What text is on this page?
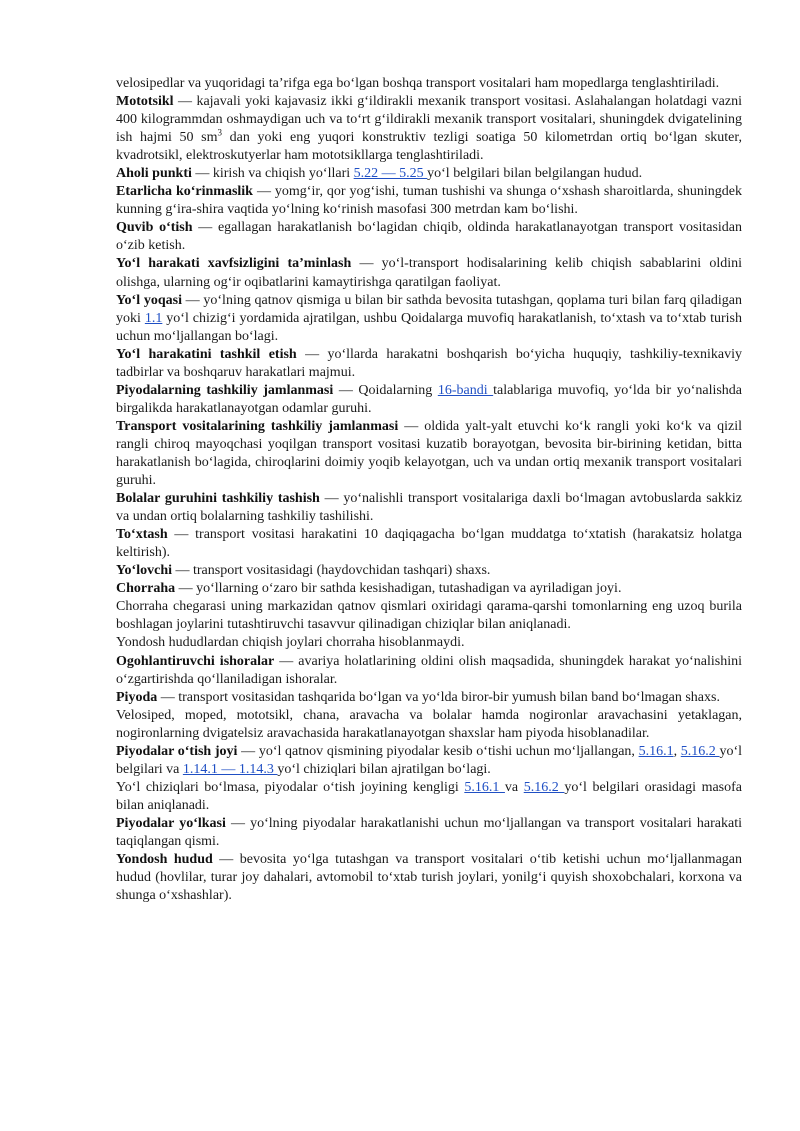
velosipedlar va yuqoridagi ta’rifga ega bo‘lgan boshqa transport vositalari ham mopedlarga tenglashtiriladi.

Mototsikl — kajavali yoki kajavasiz ikki g‘ildirakli mexanik transport vositasi. Aslahalangan holatdagi vazni 400 kilogrammdan oshmaydigan uch va to‘rt g‘ildirakli mexanik transport vositalari, shuningdek dvigatelining ish hajmi 50 $sm^3$ dan yoki eng yuqori konstruktiv tezligi soatiga 50 kilometrdan ortiq bo‘lgan skuter, kvadrotsikl, elektroskutyerlar ham mototsikllarga tenglashtiriladi.

Aholi punkti — kirish va chiqish yo‘llari 5.22 — 5.25 yo‘l belgilari bilan belgilangan hudud.

Etarlicha ko‘rinmaslik — yomg‘ir, qor yog‘ishi, tuman tushishi va shunga o‘xshash sharoitlarda, shuningdek kunning g‘ira-shira vaqtida yo‘lning ko‘rinish masofasi 300 metrdan kam bo‘lishi.

Quvib o‘tish — egallagan harakatlanish bo‘lagidan chiqib, oldinda harakatlanayotgan transport vositasidan o‘zib ketish.

Yo‘l harakati xavfsizligini ta’minlash — yo‘l-transport hodisalarining kelib chiqish sabablarini oldini olishga, ularning og‘ir oqibatlarini kamaytirishga qaratilgan faoliyat.

Yo‘l yoqasi — yo‘lning qatnov qismiga u bilan bir sathda bevosita tutashgan, qoplama turi bilan farq qiladigan yoki 1.1 yo‘l chizig‘i yordamida ajratilgan, ushbu Qoidalarga muvofiq harakatlanish, to‘xtash va to‘xtab turish uchun mo‘ljallangan bo‘lagi.

Yo‘l harakatini tashkil etish — yo‘llarda harakatni boshqarish bo‘yicha huquqiy, tashkiliy-texnikaviy tadbirlar va boshqaruv harakatlari majmui.

Piyodalarning tashkiliy jamlanmasi — Qoidalarning 16-bandi talablariga muvofiq, yo‘lda bir yo‘nalishda birgalikda harakatlanayotgan odamlar guruhi.

Transport vositalarining tashkiliy jamlanmasi — oldida yalt-yalt etuvchi ko‘k rangli yoki ko‘k va qizil rangli chiroq mayoqchasi yoqilgan transport vositasi kuzatib borayotgan, bevosita bir-birining ketidan, bitta harakatlanish bo‘lagida, chiroqlarini doimiy yoqib kelayotgan, uch va undan ortiq mexanik transport vositalari guruhi.

Bolalar guruhini tashkiliy tashish — yo‘nalishli transport vositalariga daxli bo‘lmagan avtobuslarda sakkiz va undan ortiq bolalarning tashkiliy tashilishi.

To‘xtash — transport vositasi harakatini 10 daqiqagacha bo‘lgan muddatga to‘xtatish (harakatsiz holatga keltirish).

Yo‘lovchi — transport vositasidagi (haydovchidan tashqari) shaxs.

Chorraha — yo‘llarning o‘zaro bir sathda kesishadigan, tutashadigan va ayriladigan joyi.

Chorraha chegarasi uning markazidan qatnov qismlari oxiridagi qarama-qarshi tomonlarning eng uzoq burila boshlagan joylarini tutashtiruvchi tasavvur qilinadigan chiziqlar bilan aniqlanadi.

Yondosh hududlardan chiqish joylari chorraha hisoblanmaydi.

Ogohlantiruvchi ishoralar — avariya holatlarining oldini olish maqsadida, shuningdek harakat yo‘nalishini o‘zgartirishda qo‘llaniladigan ishoralar.

Piyoda — transport vositasidan tashqarida bo‘lgan va yo‘lda biror-bir yumush bilan band bo‘lmagan shaxs.

Velosiped, moped, mototsikl, chana, aravacha va bolalar hamda nogironlar aravachasini yetaklagan, nogironlarning dvigatelsiz aravachasida harakatlanayotgan shaxslar ham piyoda hisoblanadilar.

Piyodalar o‘tish joyi — yo‘l qatnov qismining piyodalar kesib o‘tishi uchun mo‘ljallangan, 5.16.1, 5.16.2 yo‘l belgilari va 1.14.1 — 1.14.3 yo‘l chiziqlari bilan ajratilgan bo‘lagi.

Yo‘l chiziqlari bo‘lmasa, piyodalar o‘tish joyining kengligi 5.16.1 va 5.16.2 yo‘l belgilari orasidagi masofa bilan aniqlanadi.

Piyodalar yo‘lkasi — yo‘lning piyodalar harakatlanishi uchun mo‘ljallangan va transport vositalari harakati taqiqlangan qismi.

Yondosh hudud — bevosita yo‘lga tutashgan va transport vositalari o‘tib ketishi uchun mo‘ljallanmagan hudud (hovlilar, turar joy dahalari, avtomobil to‘xtab turish joylari, yonilg‘i quyish shoxobchalari, korxona va shunga o‘xshashlar).
